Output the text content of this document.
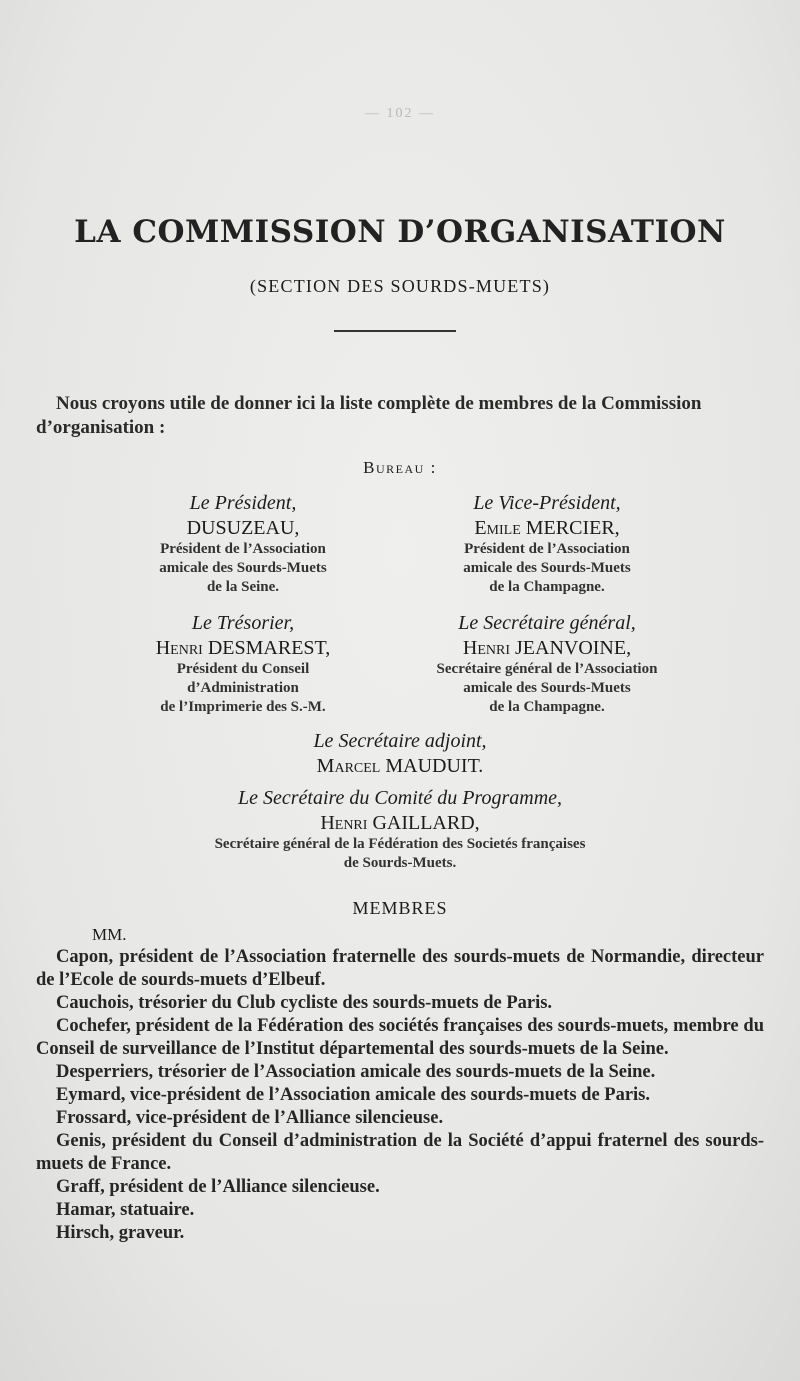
— 102 —
LA COMMISSION D’ORGANISATION
(SECTION DES SOURDS-MUETS)
Nous croyons utile de donner ici la liste complète de membres de la Commission d’organisation :
Bureau :
Le Président,
DUSUZEAU,
Président de l’Association
amicale des Sourds-Muets
de la Seine.
Le Vice-Président,
Emile MERCIER,
Président de l’Association
amicale des Sourds-Muets
de la Champagne.
Le Trésorier,
Henri DESMAREST,
Président du Conseil
d’Administration
de l’Imprimerie des S.-M.
Le Secrétaire général,
Henri JEANVOINE,
Secrétaire général de l’Association
amicale des Sourds-Muets
de la Champagne.
Le Secrétaire adjoint,
Marcel MAUDUIT.
Le Secrétaire du Comité du Programme,
Henri GAILLARD,
Secrétaire général de la Fédération des Societés françaises
de Sourds-Muets.
MEMBRES
MM.

Capon, président de l’Association fraternelle des sourds-muets de Normandie, directeur de l’Ecole de sourds-muets d’Elbeuf.

Cauchois, trésorier du Club cycliste des sourds-muets de Paris.

Cochefer, président de la Fédération des sociétés françaises des sourds-muets, membre du Conseil de surveillance de l’Institut départemental des sourds-muets de la Seine.

Desperriers, trésorier de l’Association amicale des sourds-muets de la Seine.

Eymard, vice-président de l’Association amicale des sourds-muets de Paris.

Frossard, vice-président de l’Alliance silencieuse.

Genis, président du Conseil d’administration de la Société d’appui fraternel des sourds-muets de France.

Graff, président de l’Alliance silencieuse.

Hamar, statuaire.

Hirsch, graveur.
